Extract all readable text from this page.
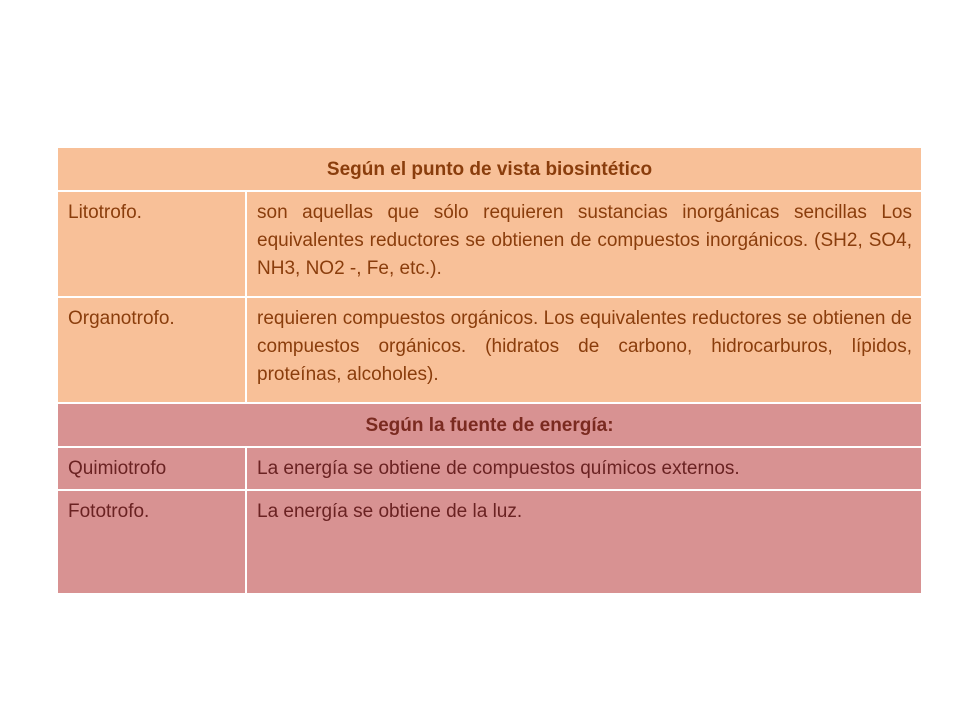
Según el punto de vista biosintético	
Litotrofo.	son aquellas que sólo requieren sustancias inorgánicas sencillas Los equivalentes reductores se obtienen de compuestos inorgánicos. (SH2, SO4, NH3, NO2 -, Fe, etc.).
Organotrofo.	requieren compuestos orgánicos. Los equivalentes reductores se obtienen de compuestos orgánicos. (hidratos de carbono, hidrocarburos, lípidos, proteínas, alcoholes).
Según la fuente de energía:	
Quimiotrofo	La energía se obtiene de compuestos químicos externos.
Fototrofo.	La energía se obtiene de la luz.
